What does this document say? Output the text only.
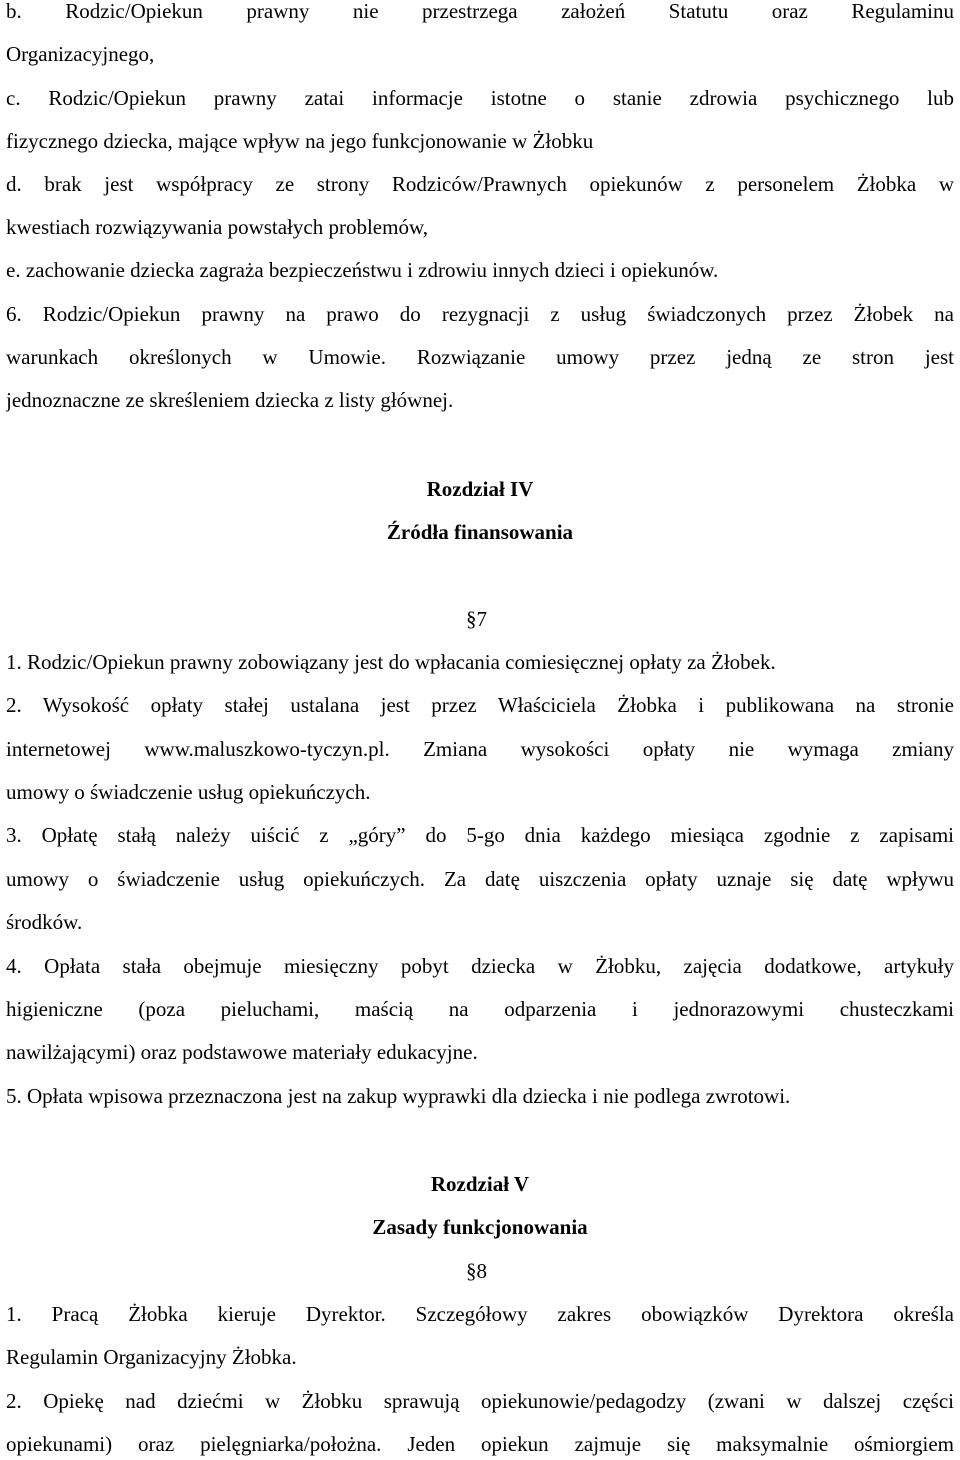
b. Rodzic/Opiekun prawny nie przestrzega założeń Statutu oraz Regulaminu
Organizacyjnego,
c. Rodzic/Opiekun prawny zatai informacje istotne o stanie zdrowia psychicznego lub
fizycznego dziecka, mające wpływ na jego funkcjonowanie w Żłobku
d. brak jest współpracy ze strony Rodziców/Prawnych opiekunów z personelem Żłobka w
kwestiach rozwiązywania powstałych problemów,
e. zachowanie dziecka zagraża bezpieczeństwu i zdrowiu innych dzieci i opiekunów.
6. Rodzic/Opiekun prawny na prawo do rezygnacji z usług świadczonych przez Żłobek na
warunkach określonych w Umowie. Rozwiązanie umowy przez jedną ze stron jest
jednoznaczne ze skreśleniem dziecka z listy głównej.
Rozdział IV
Źródła finansowania
§7
1. Rodzic/Opiekun prawny zobowiązany jest do wpłacania comiesięcznej opłaty za Żłobek.
2. Wysokość opłaty stałej ustalana jest przez Właściciela Żłobka i publikowana na stronie
internetowej www.maluszkowo-tyczyn.pl. Zmiana wysokości opłaty nie wymaga zmiany
umowy o świadczenie usług opiekuńczych.
3. Opłatę stałą należy uiścić z „góry” do 5-go dnia każdego miesiąca zgodnie z zapisami
umowy o świadczenie usług opiekuńczych. Za datę uiszczenia opłaty uznaje się datę wpływu
środków.
4. Opłata stała obejmuje miesięczny pobyt dziecka w Żłobku, zajęcia dodatkowe, artykuły
higieniczne (poza pieluchami, maścią na odparzenia i jednorazowymi chusteczkami
nawilżającymi) oraz podstawowe materiały edukacyjne.
5. Opłata wpisowa przeznaczona jest na zakup wyprawki dla dziecka i nie podlega zwrotowi.
Rozdział V
Zasady funkcjonowania
§8
1. Pracą Żłobka kieruje Dyrektor. Szczegółowy zakres obowiązków Dyrektora określa
Regulamin Organizacyjny Żłobka.
2. Opiekę nad dziećmi w Żłobku sprawują opiekunowie/pedagodzy (zwani w dalszej części
opiekunami) oraz pielęgniarka/położna. Jeden opiekun zajmuje się maksymalnie ośmiorgiem
